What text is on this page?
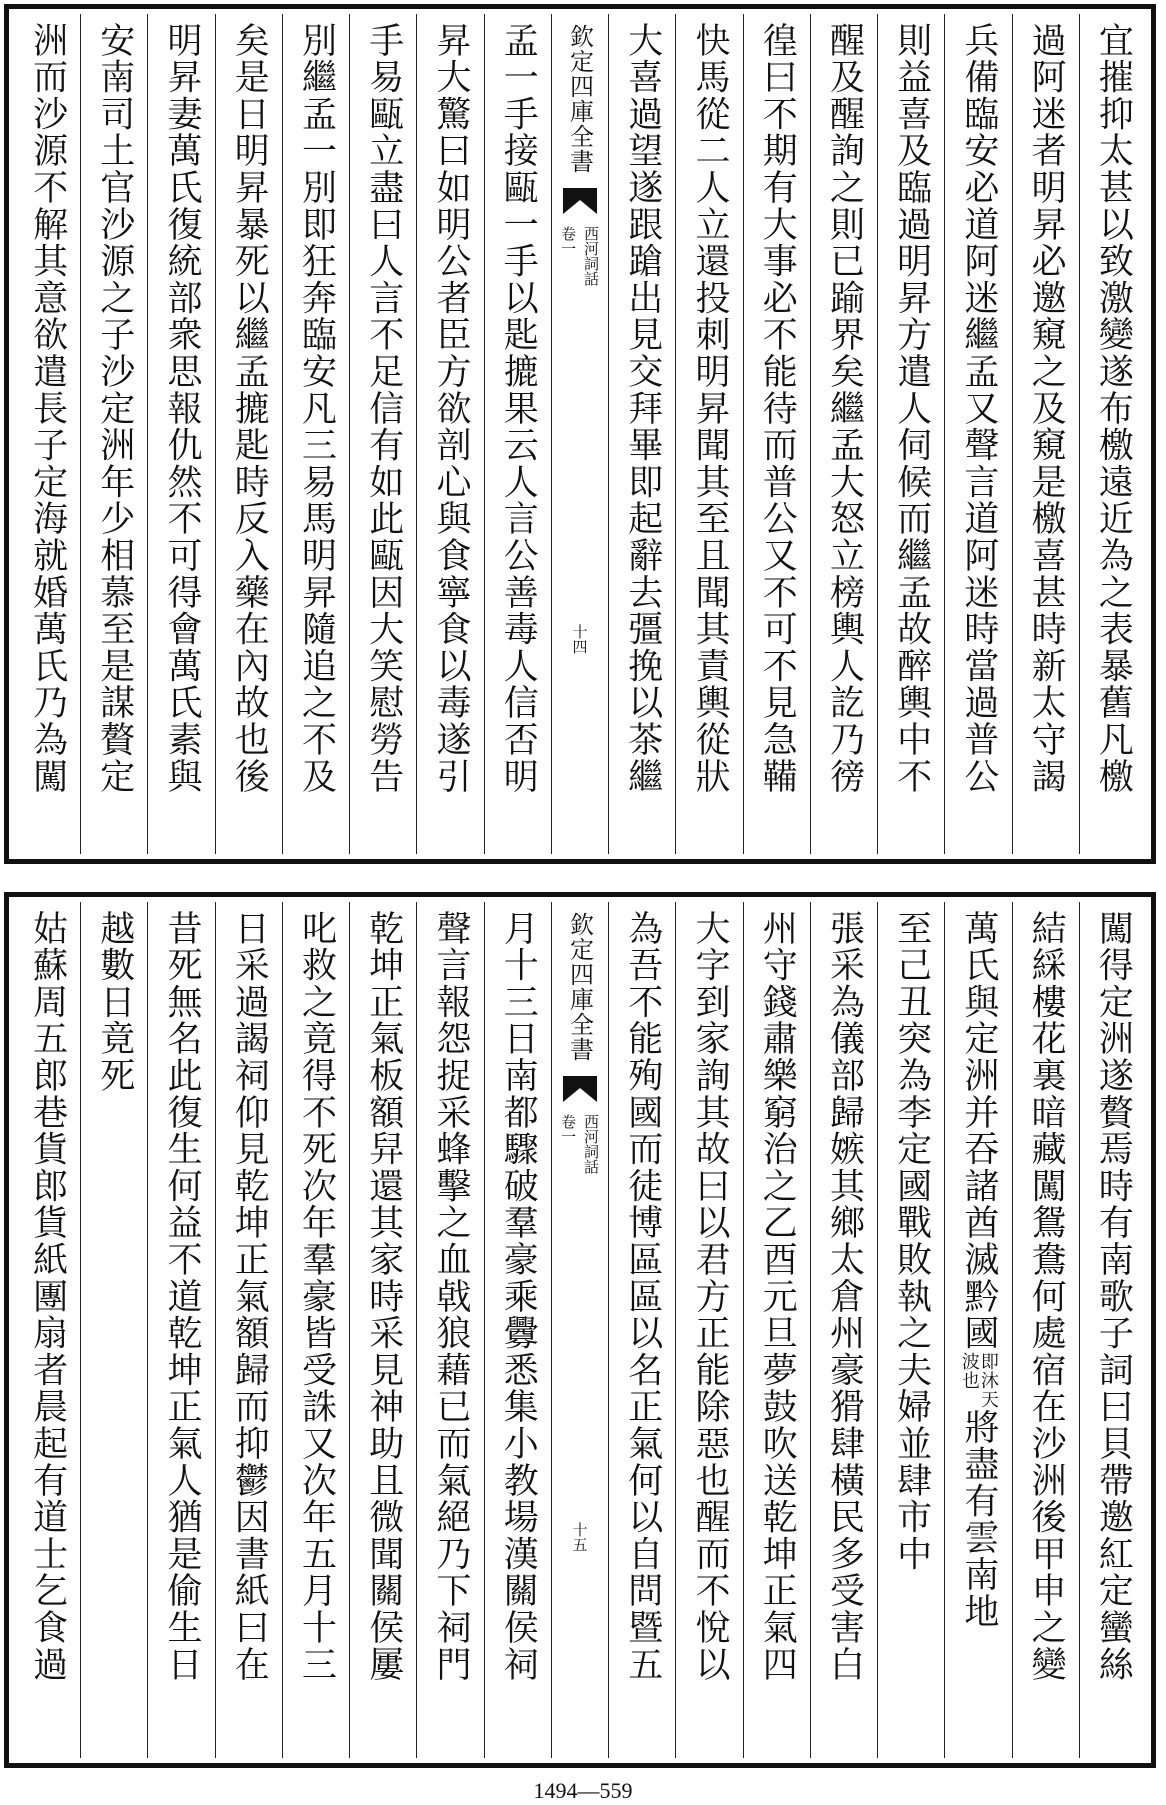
宜摧抑太甚以致激變遂布檄遠近為之表暴舊凡檄
過阿迷者明昇必邀窺之及窺是檄喜甚時新太守謁
兵備臨安必道阿迷繼孟又聲言道阿迷時當過普公
則益喜及臨過明昇方遣人伺候而繼孟故醉輿中不
醒及醒詢之則已踰界矣繼孟大怒立榜輿人訖乃徬
徨曰不期有大事必不能待而普公又不可不見急鞴
快馬從二人立還投刺明昇聞其至且聞其責輿從狀
大喜過望遂跟蹌出見交拜畢即起辭去彊挽以茶繼
欽定四庫全書
西河詞話
卷一
十四
孟一手接甌一手以匙摝果云人言公善毒人信否明
昇大驚曰如明公者臣方欲剖心與食寧食以毒遂引
手易甌立盡曰人言不足信有如此甌因大笑慰勞告
別繼孟一別即狂奔臨安凡三易馬明昇隨追之不及
矣是日明昇暴死以繼孟摝匙時反入藥在內故也後
明昇妻萬氏復統部衆思報仇然不可得會萬氏素與
安南司土官沙源之子沙定洲年少相慕至是謀贅定
洲而沙源不解其意欲遣長子定海就婚萬氏乃為闖
闖得定洲遂贅焉時有南歌子詞曰貝帶邀紅定蠻絲
結綵樓花裏暗藏闖鴛鴦何處宿在沙洲後甲申之變
萬氏與定洲并吞諸酋滅黔國
即沐天
波也
將盡有雲南地
至己丑突為李定國戰敗執之夫婦並肆市中
張采為儀部歸嫉其鄉太倉州豪猾肆橫民多受害白
州守錢肅樂窮治之乙酉元旦夢鼓吹送乾坤正氣四
大字到家詢其故曰以君方正能除惡也醒而不悅以
為吾不能殉國而徒博區區以名正氣何以自問暨五
欽定四庫全書
西河詞話
卷一
十五
月十三日南都驟破羣豪乘釁悉集小教場漢關侯祠
聲言報怨捉采蜂擊之血㦸狼藉已而氣絕乃下祠門
乾坤正氣板額舁還其家時采見神助且微聞關侯屢
叱救之竟得不死次年羣豪皆受誅又次年五月十三
日采過謁祠仰見乾坤正氣額歸而抑鬱因書紙曰在
昔死無名此復生何益不道乾坤正氣人猶是偷生日
越數日竟死
姑蘇周五郎巷貨郎貨紙團扇者晨起有道士乞食過
1494—559
